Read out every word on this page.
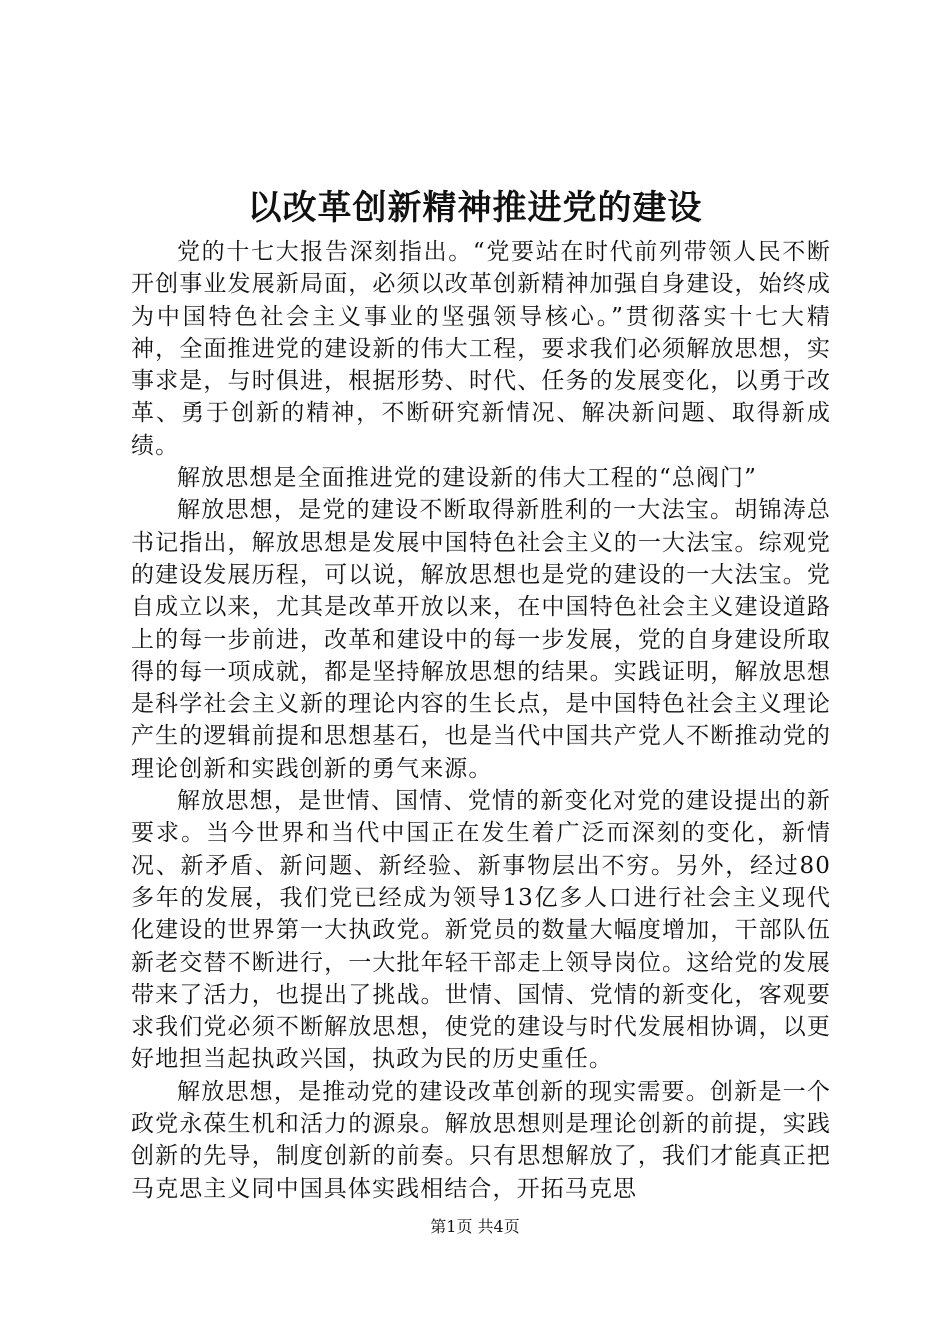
以改革创新精神推进党的建设

党的十七大报告深刻指出。“党要站在时代前列带领人民不断开创事业发展新局面，必须以改革创新精神加强自身建设，始终成为中国特色社会主义事业的坚强领导核心。”贯彻落实十七大精神，全面推进党的建设新的伟大工程，要求我们必须解放思想，实事求是，与时俱进，根据形势、时代、任务的发展变化，以勇于改革、勇于创新的精神，不断研究新情况、解决新问题、取得新成绩。

解放思想是全面推进党的建设新的伟大工程的“总阀门”

解放思想，是党的建设不断取得新胜利的一大法宝。胡锦涛总书记指出，解放思想是发展中国特色社会主义的一大法宝。综观党的建设发展历程，可以说，解放思想也是党的建设的一大法宝。党自成立以来，尤其是改革开放以来，在中国特色社会主义建设道路上的每一步前进，改革和建设中的每一步发展，党的自身建设所取得的每一项成就，都是坚持解放思想的结果。实践证明，解放思想是科学社会主义新的理论内容的生长点，是中国特色社会主义理论产生的逻辑前提和思想基石，也是当代中国共产党人不断推动党的理论创新和实践创新的勇气来源。

解放思想，是世情、国情、党情的新变化对党的建设提出的新要求。当今世界和当代中国正在发生着广泛而深刻的变化，新情况、新矛盾、新问题、新经验、新事物层出不穷。另外，经过80多年的发展，我们党已经成为领导13亿多人口进行社会主义现代化建设的世界第一大执政党。新党员的数量大幅度增加，干部队伍新老交替不断进行，一大批年轻干部走上领导岗位。这给党的发展带来了活力，也提出了挑战。世情、国情、党情的新变化，客观要求我们党必须不断解放思想，使党的建设与时代发展相协调，以更好地担当起执政兴国，执政为民的历史重任。

解放思想，是推动党的建设改革创新的现实需要。创新是一个政党永葆生机和活力的源泉。解放思想则是理论创新的前提，实践创新的先导，制度创新的前奏。只有思想解放了，我们才能真正把马克思主义同中国具体实践相结合，开拓马克思

第1页 共4页
